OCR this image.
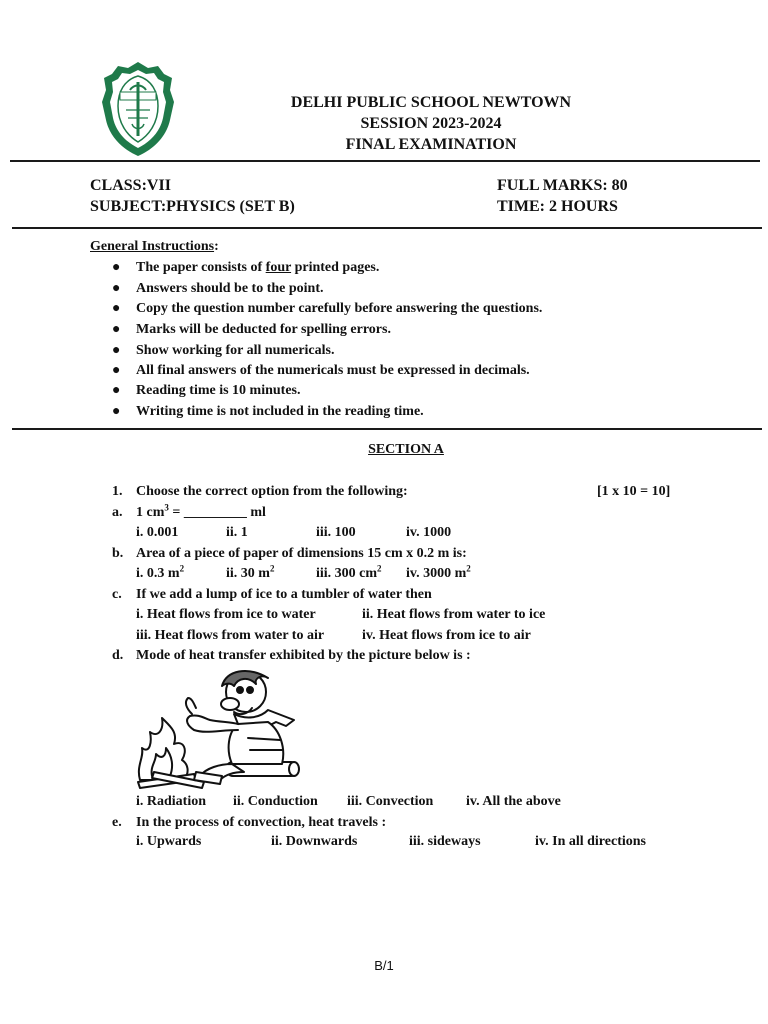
DELHI PUBLIC SCHOOL NEWTOWN
SESSION 2023-2024
FINAL EXAMINATION
CLASS:VII
SUBJECT:PHYSICS (SET B)
FULL MARKS: 80
TIME: 2 HOURS
General Instructions:
● The paper consists of four printed pages.
● Answers should be to the point.
● Copy the question number carefully before answering the questions.
● Marks will be deducted for spelling errors.
● Show working for all numericals.
● All final answers of the numericals must be expressed in decimals.
● Reading time is 10 minutes.
● Writing time is not included in the reading time.
SECTION A
1. Choose the correct option from the following:	[1 x 10 = 10]
a. 1 $cm^3$ = _________ ml
i. 0.001	ii. 1	iii. 100	iv. 1000
b. Area of a piece of paper of dimensions 15 cm x 0.2 m is:
i. 0.3 $m^2$	ii. 30 $m^2$	iii. 300 $cm^2$ iv. 3000 $m^2$
c. If we add a lump of ice to a tumbler of water then
i. Heat flows from ice to water	ii. Heat flows from water to ice
iii. Heat flows from water to air	iv. Heat flows from ice to air
d. Mode of heat transfer exhibited by the picture below is :
i. Radiation ii. Conduction iii. Convection iv. All the above
e. In the process of convection, heat travels :
i. Upwards	ii. Downwards	iii. sideways	iv. In all directions
B/1
